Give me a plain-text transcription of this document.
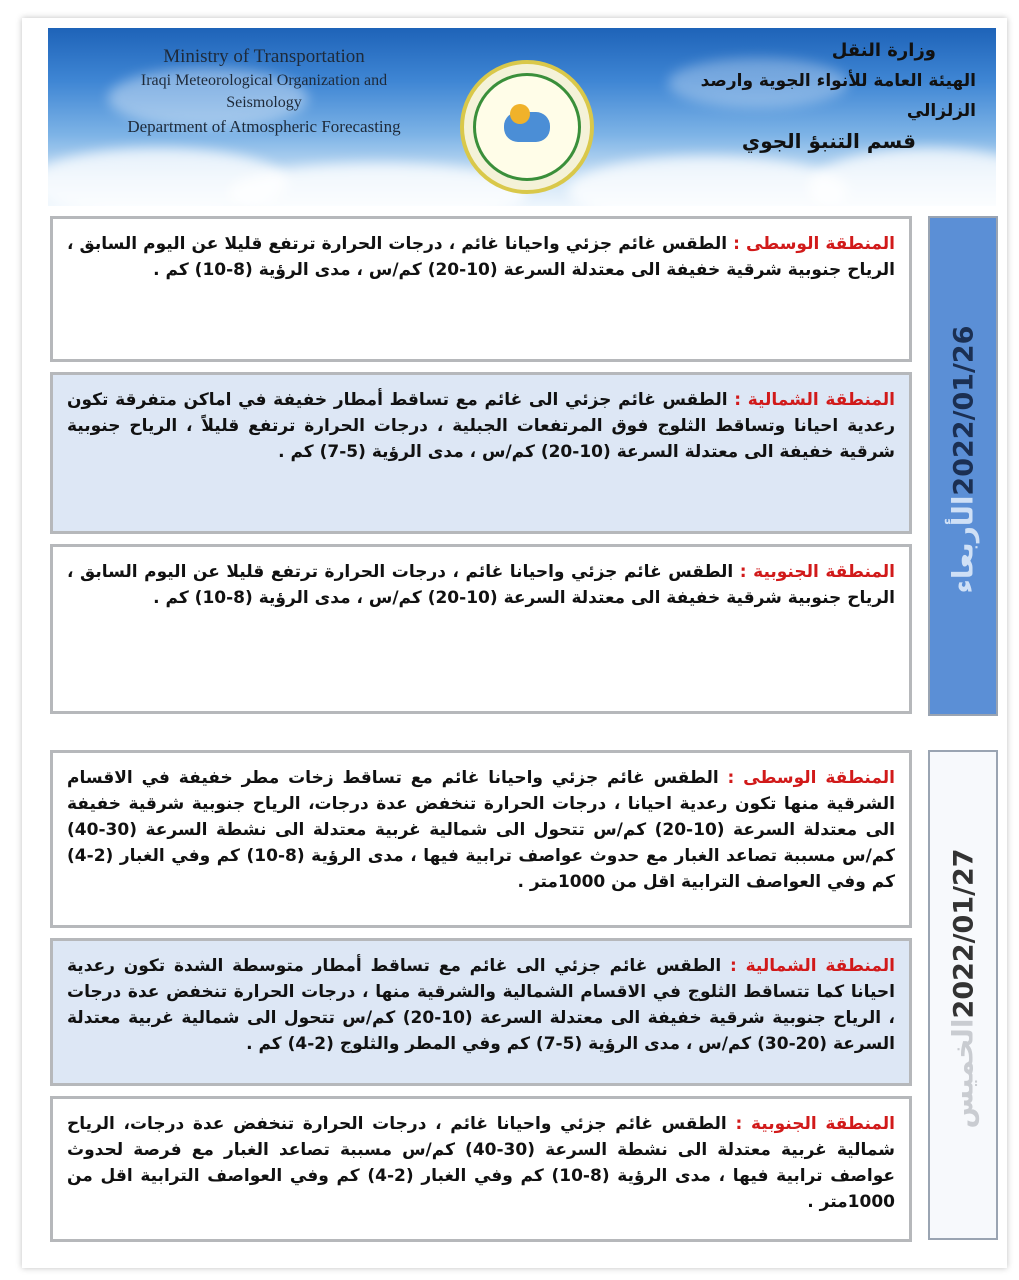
Ministry of Transportation
Iraqi Meteorological Organization and Seismology
Department of Atmospheric Forecasting
وزارة النقل
الهيئة العامة للأنواء الجوية وارصد الزلزالي
قسم التنبؤ الجوي
المنطقة الوسطى : الطقس غائم جزئي واحيانا غائم ، درجات الحرارة ترتفع قليلا عن اليوم السابق ، الرياح جنوبية شرقية خفيفة الى معتدلة السرعة (10-20) كم/س ، مدى الرؤية (8-10) كم .
المنطقة الشمالية : الطقس غائم جزئي الى غائم مع تساقط أمطار خفيفة في اماكن متفرقة تكون رعدية احيانا وتساقط الثلوج فوق المرتفعات الجبلية ، درجات الحرارة ترتفع قليلاً ، الرياح جنوبية شرقية خفيفة الى معتدلة السرعة (10-20) كم/س ، مدى الرؤية (5-7) كم .
المنطقة الجنوبية : الطقس غائم جزئي واحيانا غائم ، درجات الحرارة ترتفع قليلا عن اليوم السابق ، الرياح جنوبية شرقية خفيفة الى معتدلة السرعة (10-20) كم/س ، مدى الرؤية (8-10) كم .
2022/01/26الأربعاء
المنطقة الوسطى : الطقس غائم جزئي واحيانا غائم مع تساقط زخات مطر خفيفة في الاقسام الشرقية منها تكون رعدية احيانا ، درجات الحرارة تنخفض عدة درجات، الرياح جنوبية شرقية خفيفة الى معتدلة السرعة (10-20) كم/س تتحول الى شمالية غربية معتدلة الى نشطة السرعة (30-40) كم/س مسببة تصاعد الغبار مع حدوث عواصف ترابية فيها ، مدى الرؤية (8-10) كم وفي الغبار (2-4) كم وفي العواصف الترابية اقل من 1000متر .
المنطقة الشمالية : الطقس غائم جزئي الى غائم مع تساقط أمطار متوسطة الشدة تكون رعدية احيانا كما تتساقط الثلوج في الاقسام الشمالية والشرقية منها ، درجات الحرارة تنخفض عدة درجات ، الرياح جنوبية شرقية خفيفة الى معتدلة السرعة (10-20) كم/س تتحول الى شمالية غربية معتدلة السرعة (20-30) كم/س ، مدى الرؤية (5-7) كم وفي المطر والثلوج (2-4) كم .
المنطقة الجنوبية : الطقس غائم جزئي واحيانا غائم ، درجات الحرارة تنخفض عدة درجات، الرياح شمالية غربية معتدلة الى نشطة السرعة (30-40) كم/س مسببة تصاعد الغبار مع فرصة لحدوث عواصف ترابية فيها ، مدى الرؤية (8-10) كم وفي الغبار (2-4) كم وفي العواصف الترابية اقل من 1000متر .
2022/01/27الخميس
